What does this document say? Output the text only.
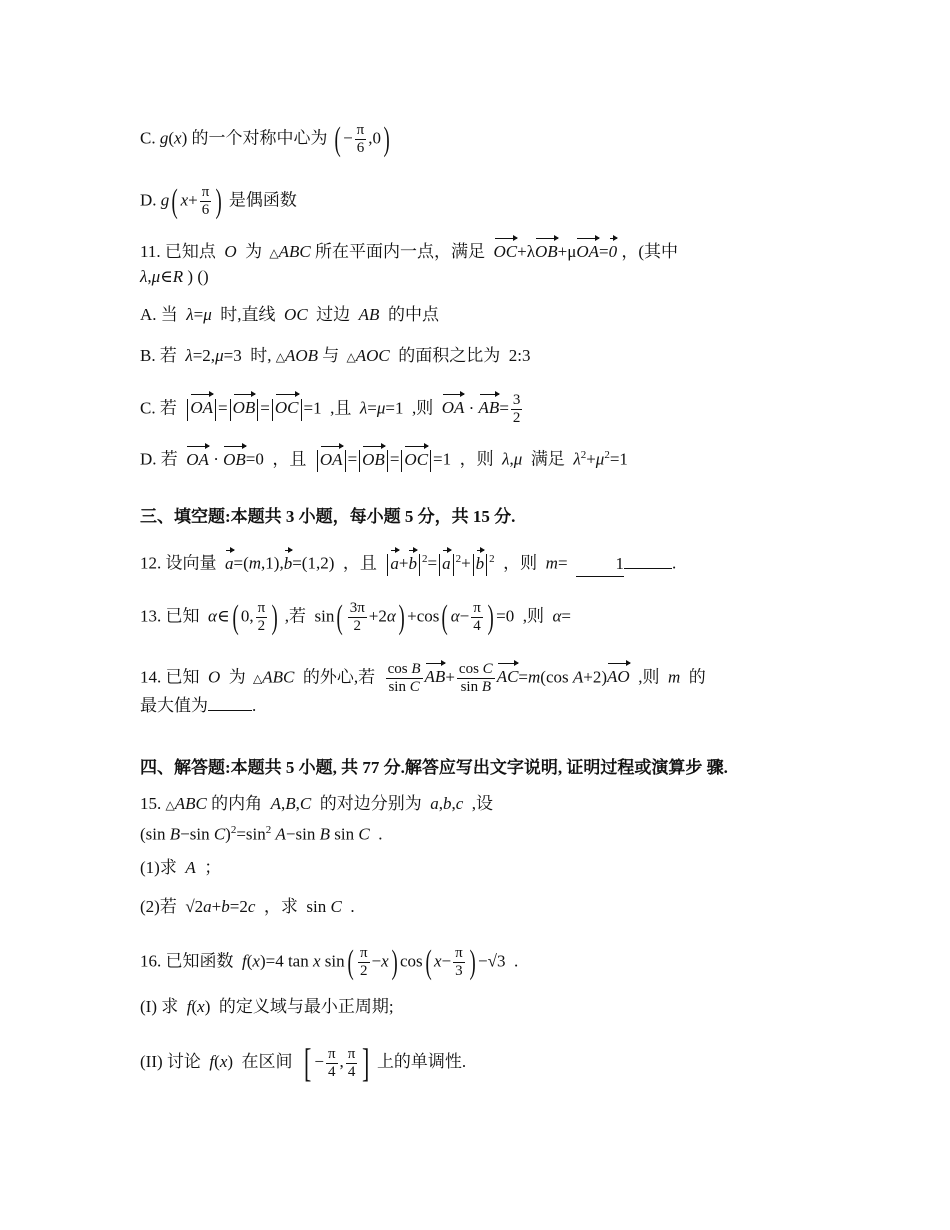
C. g(x) 的一个对称中心为 ( − $\frac{\pi}{6} ,0$)
D. g( $x+ \frac{\pi}{6}$ ) 是偶函数
11. 已知点  O  为  △ABC 所在平面内一点，满足 OC+λOB+μOA=0 ，(其中
λ,μ∈R ) ()
A. 当 λ=μ 时,直线  OC  过边  AB  的中点
B. 若 λ=2,μ=3  时, △AOB 与  △AOC 的面积之比为 2:3
C. 若 OA = OB = OC =1  ,且 λ=μ=1  ,则 OA · $AB= \frac{3}{2}$
D. 若 OA · OB=0  ，且 OA = OB = OC =1  ，则 λ,μ 满足 $\lambda^2+\mu^2=1$
三、填空题:本题共 3 小题，每小题 5 分，共 15 分.
12. 设向量 a=(m,1),b=(1,2)  ，且 a+b $^2$= a $^2$+ b $^2$ ，则 m=  1	.
13. 已知 α∈( 0, $\frac{\pi}{2}$ ) ,若  $\sin( \frac{3\pi}{2} +2\alpha) +\cos$( $\alpha- \frac{\pi}{4}$ ) =0  ,则 α=
14. 已知  O  为  △ABC 的外心,若 $\frac{\text{cos B}}{\text{sin C}} AB+ \frac{\text{cos C}}{\text{sin B}} AC=m(\cos$ A+2)AO ,则  m  的
最大值为	.
四、解答题:本题共 5 小题, 共 77 分.解答应写出文字说明, 证明过程或演算步 骤.
15. △ABC 的内角 A,B,C 的对边分别为 a,b,c ,设
(sin B−sin $C)^2=\sin^2$ A−sin B sin C .
(1)求  A  ；
(2)若  √2a+b=2c ，求  sin C .
16. 已知函数 f(x)=4 tan x $\sin( \frac{\pi}{2} -x)$ cos( $x- \frac{\pi}{3}$ ) −√3  .
(I) 求 f(x)  的定义域与最小正周期;
(II) 讨论 f(x)  在区间 [ − $\frac{\pi}{4}$ , $\frac{\pi}{4}$ ] 上的单调性.
